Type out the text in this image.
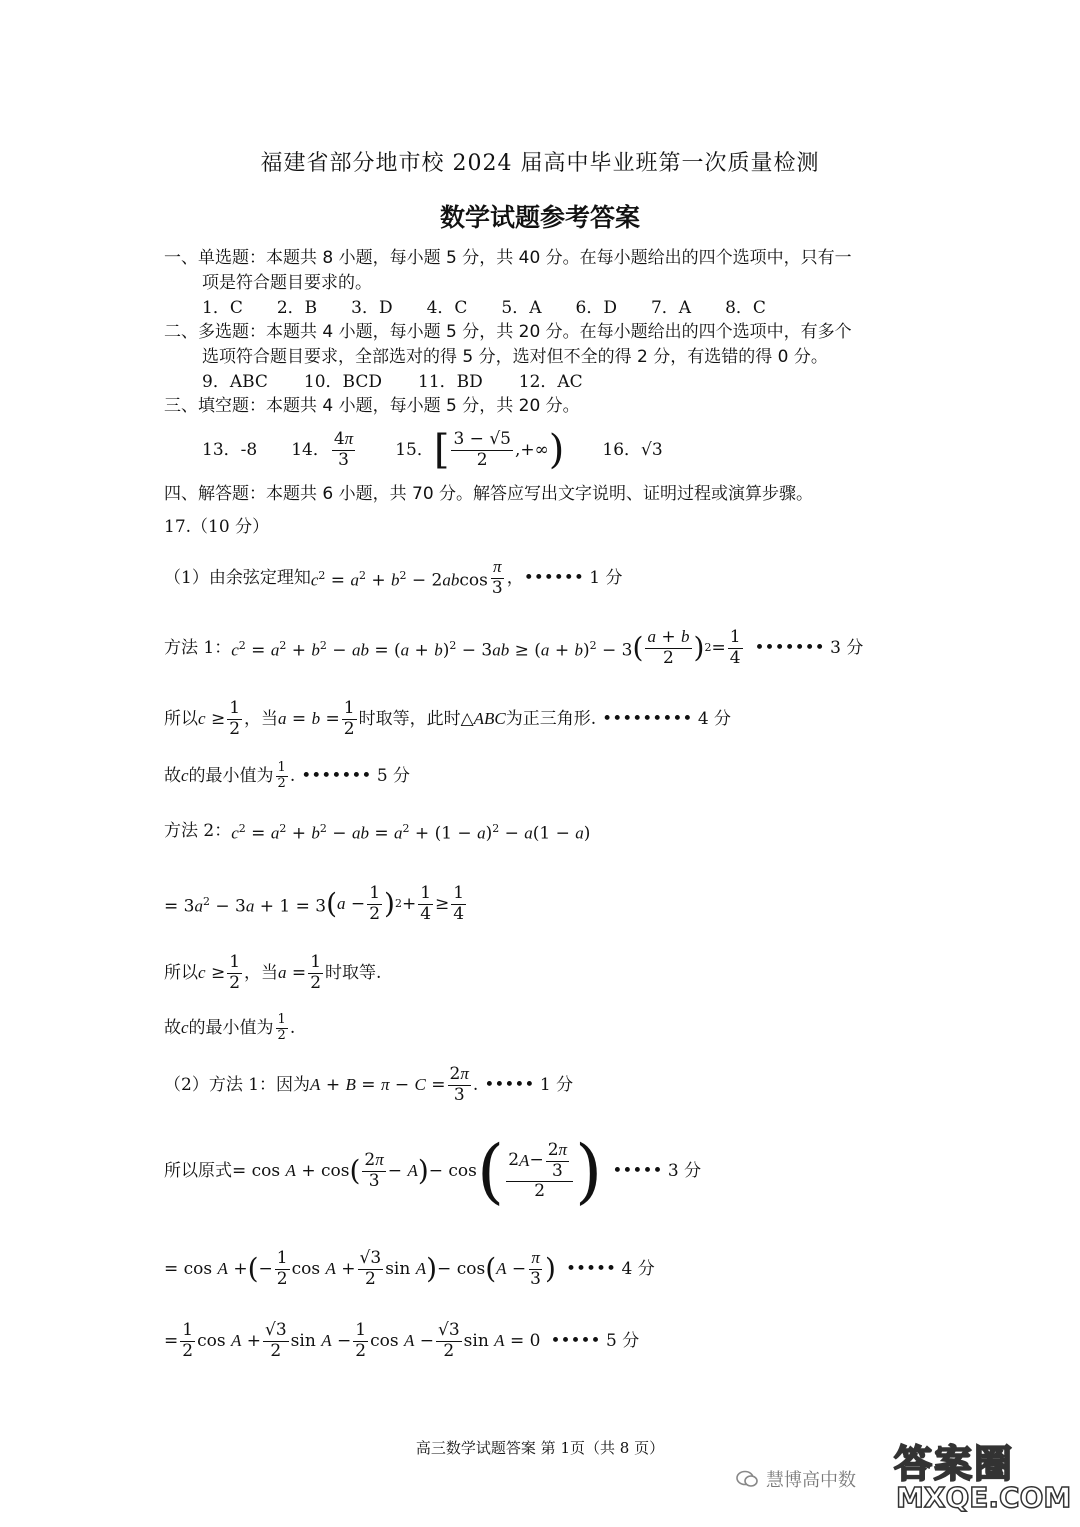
福建省部分地市校 2024 届高中毕业班第一次质量检测
数学试题参考答案
一、单选题：本题共 8 小题，每小题 5 分，共 40 分。在每小题给出的四个选项中，只有一
项是符合题目要求的。
1．C 2．B 3．D 4．C 5．A 6．D 7．A 8．C
二、多选题：本题共 4 小题，每小题 5 分，共 20 分。在每小题给出的四个选项中，有多个
选项符合题目要求，全部选对的得 5 分，选对但不全的得 2 分，有选错的得 0 分。
9．ABC 10．BCD 11．BD 12．AC
三、填空题：本题共 4 小题，每小题 5 分，共 20 分。
13．-8 14． $\frac{4\pi}{3} 15$． [ $\frac{3 - √5}{2}$ ,+∞ ) 16． √3
四、解答题：本题共 6 小题，共 70 分。解答应写出文字说明、证明过程或演算步骤。
17.（10 分）
（1）由余弦定理知 $c^2 = a^2 + b^2 - 2abcos \frac{\pi}{3}$ ， •••••• 1 分
方法 1： $c^2 = a^2 + b^2$ − ab = $(a + b)^2 - 3ab \ge (a + b)^2 - 3$ ( $\frac{a + b}{2}$ ) $2 = \frac{1}{4}$ ••••••• 3 分
所以 $c \ge \frac{1}{2}$ ，当 $a = b = \frac{1}{2}$ 时取等，此时 △ABC 为正三角形. ••••••••• 4 分
故 c 的最小值为 $\frac{1}{2}$ . ••••••• 5 分
方法 2： $c^2 = a^2 + b^2$ − ab = $a^2 + (1 - a)^2 - a(1 - a)$
= $3a^2 - 3a + 1 = 3$ ( $a - \frac{1}{2}$ ) $2 + \frac{1}{4} \ge \frac{1}{4}$
所以 $c \ge \frac{1}{2}$ ，当 $a = \frac{1}{2}$ 时取等.
故 c 的最小值为 $\frac{1}{2}$ .
（2）方法 1：因为 $A + B = \pi - C = \frac{2\pi}{3}$ . ••••• 1 分
所以原式 = cos A + cos ( $\frac{2\pi}{3} - A$ ) − cos ( $\frac{2 A - \frac{2\pi}{3}}{2}$ ) ••••• 3 分
= cos A + ( − $\frac{1}{2}$ $\cos A + \frac{√3}{2}$ sin A ) − cos ( $A - \frac{\pi}{3}$ ) ••••• 4 分
= $\frac{1}{2}$ $\cos A + \frac{√3}{2}$ $\sin A - \frac{1}{2}$ $\cos A - \frac{√3}{2}$ sin A = 0 ••••• 5 分
高三数学试题答案 第 1页（共 8 页）
慧博高中数 答案圈
MXQE.COM
